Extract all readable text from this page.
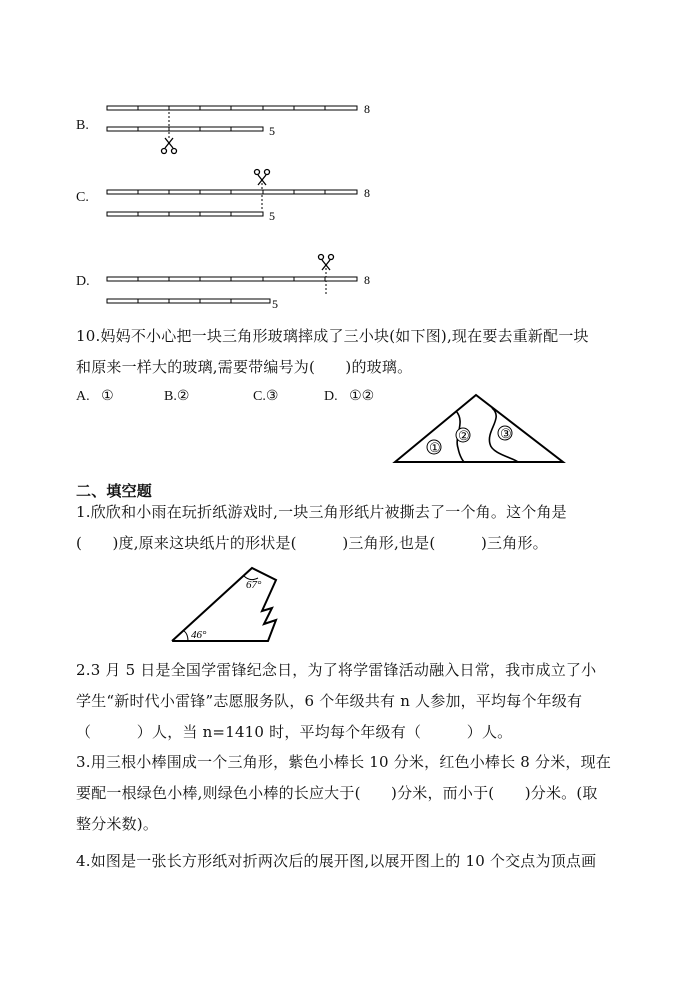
B.
8
5
C.	8
5
D.	8
5
10.妈妈不小心把一块三角形玻璃摔成了三小块(如下图),现在要去重新配一块
和原来一样大的玻璃,需要带编号为(　　)的玻璃。
A. ①	B.②	C.③	D. ①②
①
② ③
二、填空题
1.欣欣和小雨在玩折纸游戏时,一块三角形纸片被撕去了一个角。这个角是
(　　)度,原来这块纸片的形状是(　　　)三角形,也是(　　　)三角形。
67°
46°
2.3 月 5 日是全国学雷锋纪念日，为了将学雷锋活动融入日常，我市成立了小
学生“新时代小雷锋”志愿服务队，6 个年级共有 n 人参加，平均每个年级有
（　　　）人，当 n=1410 时，平均每个年级有（　　　）人。
3.用三根小棒围成一个三角形，紫色小棒长 10 分米，红色小棒长 8 分米，现在
要配一根绿色小棒,则绿色小棒的长应大于(　　)分米，而小于(　　)分米。(取
整分米数)。
4.如图是一张长方形纸对折两次后的展开图,以展开图上的 10 个交点为顶点画
